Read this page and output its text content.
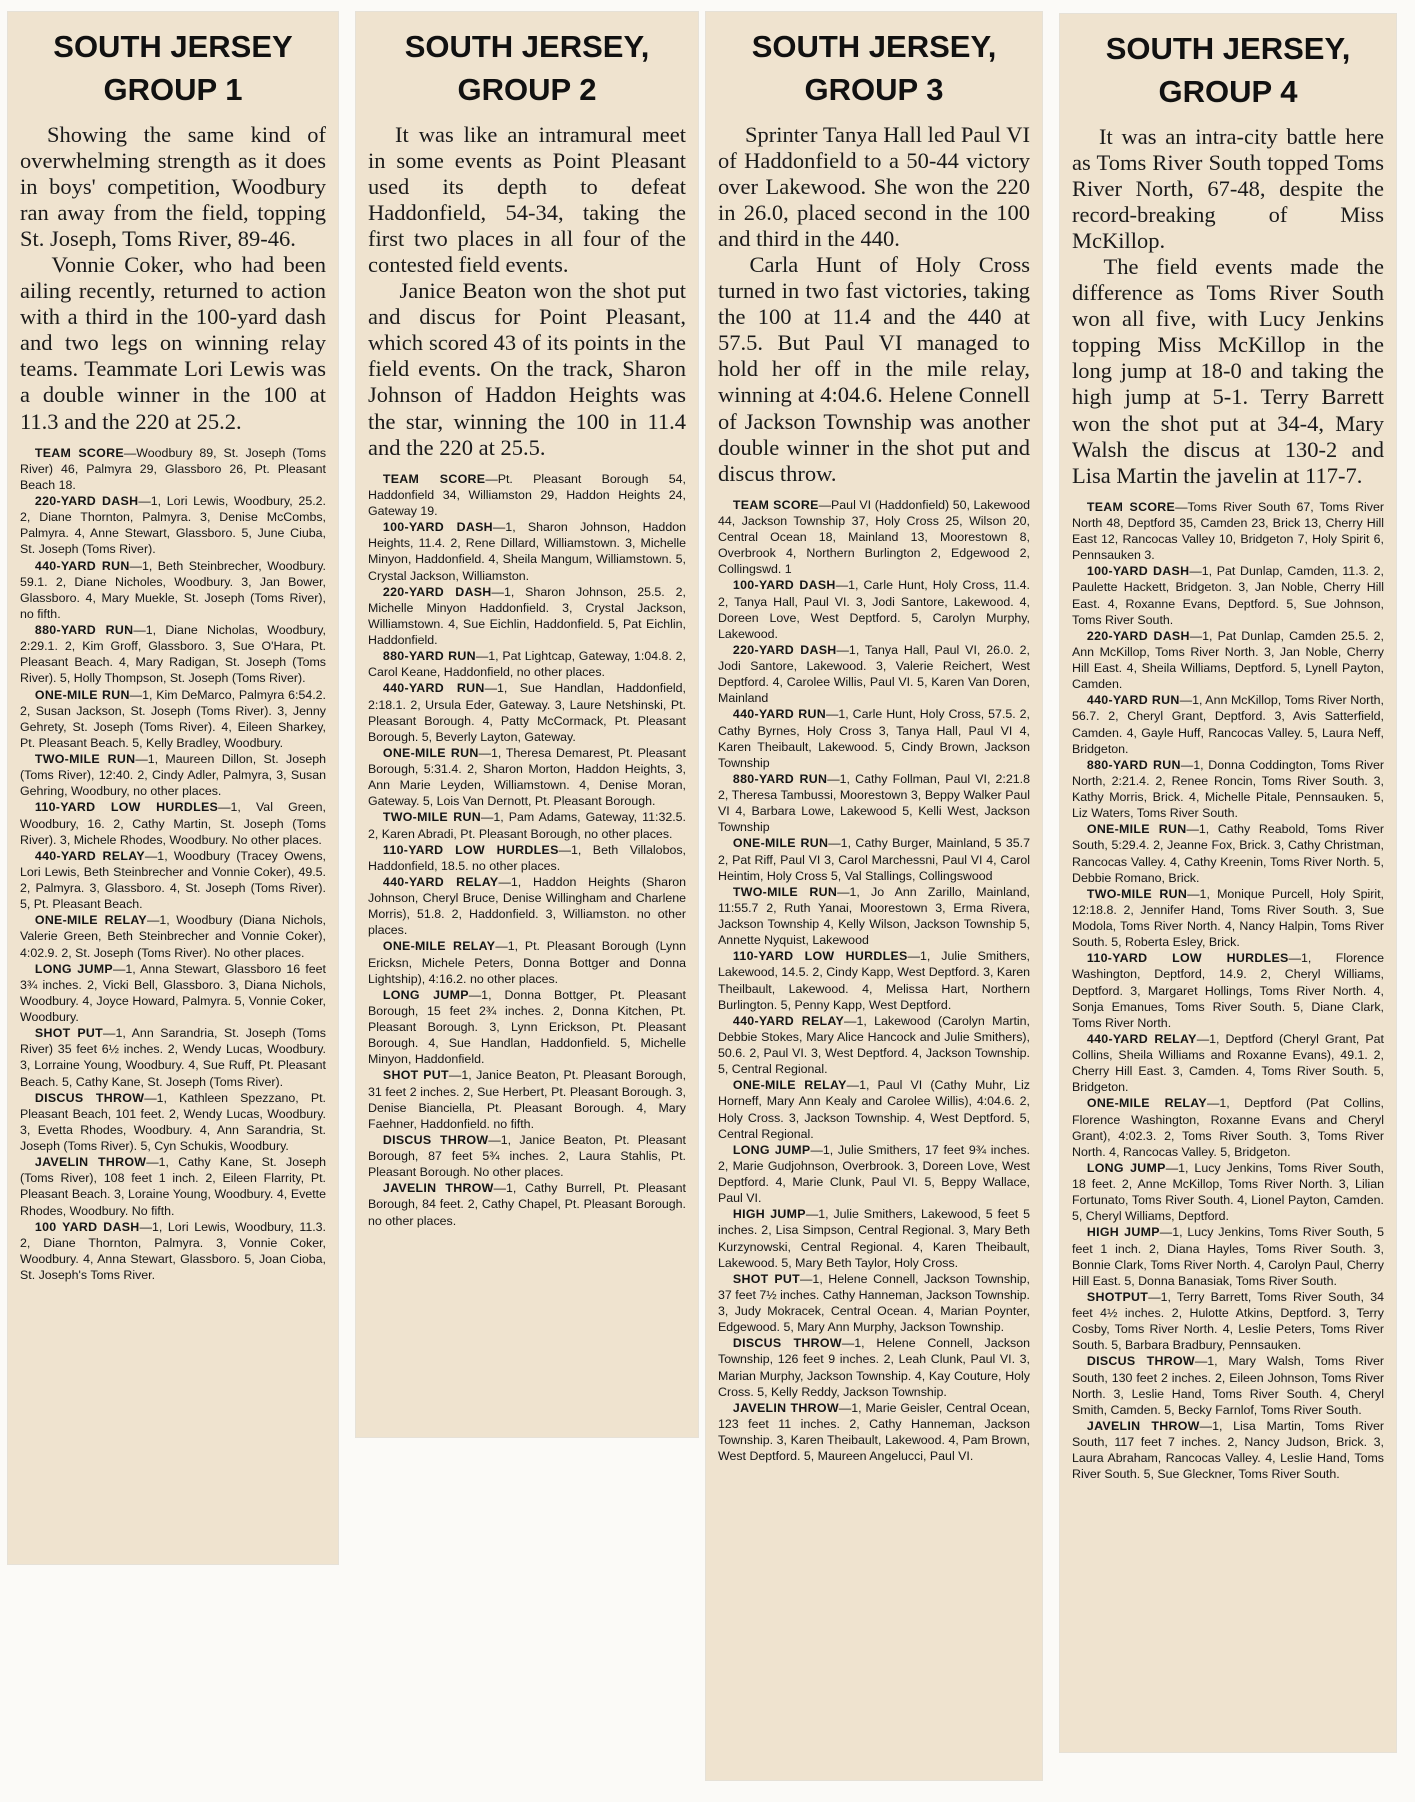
SOUTH JERSEY
GROUP 1

Showing the same kind of overwhelming strength as it does in boys' competition, Woodbury ran away from the field, topping St. Joseph, Toms River, 89-46.

Vonnie Coker, who had been ailing recently, returned to action with a third in the 100-yard dash and two legs on winning relay teams. Teammate Lori Lewis was a double winner in the 100 at 11.3 and the 220 at 25.2.

TEAM SCORE—Woodbury 89, St. Joseph (Toms River) 46, Palmyra 29, Glassboro 26, Pt. Pleasant Beach 18.

220-YARD DASH—1, Lori Lewis, Woodbury, 25.2. 2, Diane Thornton, Palmyra. 3, Denise McCombs, Palmyra. 4, Anne Stewart, Glassboro. 5, June Ciuba, St. Joseph (Toms River).

440-YARD RUN—1, Beth Steinbrecher, Woodbury. 59.1. 2, Diane Nicholes, Woodbury. 3, Jan Bower, Glassboro. 4, Mary Muekle, St. Joseph (Toms River), no fifth.

880-YARD RUN—1, Diane Nicholas, Woodbury, 2:29.1. 2, Kim Groff, Glassboro. 3, Sue O'Hara, Pt. Pleasant Beach. 4, Mary Radigan, St. Joseph (Toms River). 5, Holly Thompson, St. Joseph (Toms River).

ONE-MILE RUN—1, Kim DeMarco, Palmyra 6:54.2. 2, Susan Jackson, St. Joseph (Toms River). 3, Jenny Gehrety, St. Joseph (Toms River). 4, Eileen Sharkey, Pt. Pleasant Beach. 5, Kelly Bradley, Woodbury.

TWO-MILE RUN—1, Maureen Dillon, St. Joseph (Toms River), 12:40. 2, Cindy Adler, Palmyra, 3, Susan Gehring, Woodbury, no other places.

110-YARD LOW HURDLES—1, Val Green, Woodbury, 16. 2, Cathy Martin, St. Joseph (Toms River). 3, Michele Rhodes, Woodbury. No other places.

440-YARD RELAY—1, Woodbury (Tracey Owens, Lori Lewis, Beth Steinbrecher and Vonnie Coker), 49.5. 2, Palmyra. 3, Glassboro. 4, St. Joseph (Toms River). 5, Pt. Pleasant Beach.

ONE-MILE RELAY—1, Woodbury (Diana Nichols, Valerie Green, Beth Steinbrecher and Vonnie Coker), 4:02.9. 2, St. Joseph (Toms River). No other places.

LONG JUMP—1, Anna Stewart, Glassboro 16 feet 3¾ inches. 2, Vicki Bell, Glassboro. 3, Diana Nichols, Woodbury. 4, Joyce Howard, Palmyra. 5, Vonnie Coker, Woodbury.

SHOT PUT—1, Ann Sarandria, St. Joseph (Toms River) 35 feet 6½ inches. 2, Wendy Lucas, Woodbury. 3, Lorraine Young, Woodbury. 4, Sue Ruff, Pt. Pleasant Beach. 5, Cathy Kane, St. Joseph (Toms River).

DISCUS THROW—1, Kathleen Spezzano, Pt. Pleasant Beach, 101 feet. 2, Wendy Lucas, Woodbury. 3, Evetta Rhodes, Woodbury. 4, Ann Sarandria, St. Joseph (Toms River). 5, Cyn Schukis, Woodbury.

JAVELIN THROW—1, Cathy Kane, St. Joseph (Toms River), 108 feet 1 inch. 2, Eileen Flarrity, Pt. Pleasant Beach. 3, Loraine Young, Woodbury. 4, Evette Rhodes, Woodbury. No fifth.

100 YARD DASH—1, Lori Lewis, Woodbury, 11.3. 2, Diane Thornton, Palmyra. 3, Vonnie Coker, Woodbury. 4, Anna Stewart, Glassboro. 5, Joan Cioba, St. Joseph's Toms River.

SOUTH JERSEY,
GROUP 2

It was like an intramural meet in some events as Point Pleasant used its depth to defeat Haddonfield, 54-34, taking the first two places in all four of the contested field events.

Janice Beaton won the shot put and discus for Point Pleasant, which scored 43 of its points in the field events. On the track, Sharon Johnson of Haddon Heights was the star, winning the 100 in 11.4 and the 220 at 25.5.

TEAM SCORE—Pt. Pleasant Borough 54, Haddonfield 34, Williamston 29, Haddon Heights 24, Gateway 19.

100-YARD DASH—1, Sharon Johnson, Haddon Heights, 11.4. 2, Rene Dillard, Williamstown. 3, Michelle Minyon, Haddonfield. 4, Sheila Mangum, Williamstown. 5, Crystal Jackson, Williamston.

220-YARD DASH—1, Sharon Johnson, 25.5. 2, Michelle Minyon Haddonfield. 3, Crystal Jackson, Williamstown. 4, Sue Eichlin, Haddonfield. 5, Pat Eichlin, Haddonfield.

880-YARD RUN—1, Pat Lightcap, Gateway, 1:04.8. 2, Carol Keane, Haddonfield, no other places.

440-YARD RUN—1, Sue Handlan, Haddonfield, 2:18.1. 2, Ursula Eder, Gateway. 3, Laure Netshinski, Pt. Pleasant Borough. 4, Patty McCormack, Pt. Pleasant Borough. 5, Beverly Layton, Gateway.

ONE-MILE RUN—1, Theresa Demarest, Pt. Pleasant Borough, 5:31.4. 2, Sharon Morton, Haddon Heights, 3, Ann Marie Leyden, Williamstown. 4, Denise Moran, Gateway. 5, Lois Van Dernott, Pt. Pleasant Borough.

TWO-MILE RUN—1, Pam Adams, Gateway, 11:32.5. 2, Karen Abradi, Pt. Pleasant Borough, no other places.

110-YARD LOW HURDLES—1, Beth Villalobos, Haddonfield, 18.5. no other places.

440-YARD RELAY—1, Haddon Heights (Sharon Johnson, Cheryl Bruce, Denise Willingham and Charlene Morris), 51.8. 2, Haddonfield. 3, Williamston. no other places.

ONE-MILE RELAY—1, Pt. Pleasant Borough (Lynn Ericksn, Michele Peters, Donna Bottger and Donna Lightship), 4:16.2. no other places.

LONG JUMP—1, Donna Bottger, Pt. Pleasant Borough, 15 feet 2¾ inches. 2, Donna Kitchen, Pt. Pleasant Borough. 3, Lynn Erickson, Pt. Pleasant Borough. 4, Sue Handlan, Haddonfield. 5, Michelle Minyon, Haddonfield.

SHOT PUT—1, Janice Beaton, Pt. Pleasant Borough, 31 feet 2 inches. 2, Sue Herbert, Pt. Pleasant Borough. 3, Denise Bianciella, Pt. Pleasant Borough. 4, Mary Faehner, Haddonfield. no fifth.

DISCUS THROW—1, Janice Beaton, Pt. Pleasant Borough, 87 feet 5¾ inches. 2, Laura Stahlis, Pt. Pleasant Borough. No other places.

JAVELIN THROW—1, Cathy Burrell, Pt. Pleasant Borough, 84 feet. 2, Cathy Chapel, Pt. Pleasant Borough. no other places.

SOUTH JERSEY,
GROUP 3

Sprinter Tanya Hall led Paul VI of Haddonfield to a 50-44 victory over Lakewood. She won the 220 in 26.0, placed second in the 100 and third in the 440.

Carla Hunt of Holy Cross turned in two fast victories, taking the 100 at 11.4 and the 440 at 57.5. But Paul VI managed to hold her off in the mile relay, winning at 4:04.6. Helene Connell of Jackson Township was another double winner in the shot put and discus throw.

TEAM SCORE—Paul VI (Haddonfield) 50, Lakewood 44, Jackson Township 37, Holy Cross 25, Wilson 20, Central Ocean 18, Mainland 13, Moorestown 8, Overbrook 4, Northern Burlington 2, Edgewood 2, Collingswd. 1

100-YARD DASH—1, Carle Hunt, Holy Cross, 11.4. 2, Tanya Hall, Paul VI. 3, Jodi Santore, Lakewood. 4, Doreen Love, West Deptford. 5, Carolyn Murphy, Lakewood.

220-YARD DASH—1, Tanya Hall, Paul VI, 26.0. 2, Jodi Santore, Lakewood. 3, Valerie Reichert, West Deptford. 4, Carolee Willis, Paul VI. 5, Karen Van Doren, Mainland

440-YARD RUN—1, Carle Hunt, Holy Cross, 57.5. 2, Cathy Byrnes, Holy Cross 3, Tanya Hall, Paul VI 4, Karen Theibault, Lakewood. 5, Cindy Brown, Jackson Township

880-YARD RUN—1, Cathy Follman, Paul VI, 2:21.8 2, Theresa Tambussi, Moorestown 3, Beppy Walker Paul VI 4, Barbara Lowe, Lakewood 5, Kelli West, Jackson Township

ONE-MILE RUN—1, Cathy Burger, Mainland, 5 35.7 2, Pat Riff, Paul VI 3, Carol Marchessni, Paul VI 4, Carol Heintim, Holy Cross 5, Val Stallings, Collingswood

TWO-MILE RUN—1, Jo Ann Zarillo, Mainland, 11:55.7 2, Ruth Yanai, Moorestown 3, Erma Rivera, Jackson Township 4, Kelly Wilson, Jackson Township 5, Annette Nyquist, Lakewood

110-YARD LOW HURDLES—1, Julie Smithers, Lakewood, 14.5. 2, Cindy Kapp, West Deptford. 3, Karen Theilbault, Lakewood. 4, Melissa Hart, Northern Burlington. 5, Penny Kapp, West Deptford.

440-YARD RELAY—1, Lakewood (Carolyn Martin, Debbie Stokes, Mary Alice Hancock and Julie Smithers), 50.6. 2, Paul VI. 3, West Deptford. 4, Jackson Township. 5, Central Regional.

ONE-MILE RELAY—1, Paul VI (Cathy Muhr, Liz Horneff, Mary Ann Kealy and Carolee Willis), 4:04.6. 2, Holy Cross. 3, Jackson Township. 4, West Deptford. 5, Central Regional.

LONG JUMP—1, Julie Smithers, 17 feet 9¾ inches. 2, Marie Gudjohnson, Overbrook. 3, Doreen Love, West Deptford. 4, Marie Clunk, Paul VI. 5, Beppy Wallace, Paul VI.

HIGH JUMP—1, Julie Smithers, Lakewood, 5 feet 5 inches. 2, Lisa Simpson, Central Regional. 3, Mary Beth Kurzynowski, Central Regional. 4, Karen Theibault, Lakewood. 5, Mary Beth Taylor, Holy Cross.

SHOT PUT—1, Helene Connell, Jackson Township, 37 feet 7½ inches. Cathy Hanneman, Jackson Township. 3, Judy Mokracek, Central Ocean. 4, Marian Poynter, Edgewood. 5, Mary Ann Murphy, Jackson Township.

DISCUS THROW—1, Helene Connell, Jackson Township, 126 feet 9 inches. 2, Leah Clunk, Paul VI. 3, Marian Murphy, Jackson Township. 4, Kay Couture, Holy Cross. 5, Kelly Reddy, Jackson Township.

JAVELIN THROW—1, Marie Geisler, Central Ocean, 123 feet 11 inches. 2, Cathy Hanneman, Jackson Township. 3, Karen Theibault, Lakewood. 4, Pam Brown, West Deptford. 5, Maureen Angelucci, Paul VI.

SOUTH JERSEY,
GROUP 4

It was an intra-city battle here as Toms River South topped Toms River North, 67-48, despite the record-breaking of Miss McKillop.

The field events made the difference as Toms River South won all five, with Lucy Jenkins topping Miss McKillop in the long jump at 18-0 and taking the high jump at 5-1. Terry Barrett won the shot put at 34-4, Mary Walsh the discus at 130-2 and Lisa Martin the javelin at 117-7.

TEAM SCORE—Toms River South 67, Toms River North 48, Deptford 35, Camden 23, Brick 13, Cherry Hill East 12, Rancocas Valley 10, Bridgeton 7, Holy Spirit 6, Pennsauken 3.

100-YARD DASH—1, Pat Dunlap, Camden, 11.3. 2, Paulette Hackett, Bridgeton. 3, Jan Noble, Cherry Hill East. 4, Roxanne Evans, Deptford. 5, Sue Johnson, Toms River South.

220-YARD DASH—1, Pat Dunlap, Camden 25.5. 2, Ann McKillop, Toms River North. 3, Jan Noble, Cherry Hill East. 4, Sheila Williams, Deptford. 5, Lynell Payton, Camden.

440-YARD RUN—1, Ann McKillop, Toms River North, 56.7. 2, Cheryl Grant, Deptford. 3, Avis Satterfield, Camden. 4, Gayle Huff, Rancocas Valley. 5, Laura Neff, Bridgeton.

880-YARD RUN—1, Donna Coddington, Toms River North, 2:21.4. 2, Renee Roncin, Toms River South. 3, Kathy Morris, Brick. 4, Michelle Pitale, Pennsauken. 5, Liz Waters, Toms River South.

ONE-MILE RUN—1, Cathy Reabold, Toms River South, 5:29.4. 2, Jeanne Fox, Brick. 3, Cathy Christman, Rancocas Valley. 4, Cathy Kreenin, Toms River North. 5, Debbie Romano, Brick.

TWO-MILE RUN—1, Monique Purcell, Holy Spirit, 12:18.8. 2, Jennifer Hand, Toms River South. 3, Sue Modola, Toms River North. 4, Nancy Halpin, Toms River South. 5, Roberta Esley, Brick.

110-YARD LOW HURDLES—1, Florence Washington, Deptford, 14.9. 2, Cheryl Williams, Deptford. 3, Margaret Hollings, Toms River North. 4, Sonja Emanues, Toms River South. 5, Diane Clark, Toms River North.

440-YARD RELAY—1, Deptford (Cheryl Grant, Pat Collins, Sheila Williams and Roxanne Evans), 49.1. 2, Cherry Hill East. 3, Camden. 4, Toms River South. 5, Bridgeton.

ONE-MILE RELAY—1, Deptford (Pat Collins, Florence Washington, Roxanne Evans and Cheryl Grant), 4:02.3. 2, Toms River South. 3, Toms River North. 4, Rancocas Valley. 5, Bridgeton.

LONG JUMP—1, Lucy Jenkins, Toms River South, 18 feet. 2, Anne McKillop, Toms River North. 3, Lilian Fortunato, Toms River South. 4, Lionel Payton, Camden. 5, Cheryl Williams, Deptford.

HIGH JUMP—1, Lucy Jenkins, Toms River South, 5 feet 1 inch. 2, Diana Hayles, Toms River South. 3, Bonnie Clark, Toms River North. 4, Carolyn Paul, Cherry Hill East. 5, Donna Banasiak, Toms River South.

SHOTPUT—1, Terry Barrett, Toms River South, 34 feet 4½ inches. 2, Hulotte Atkins, Deptford. 3, Terry Cosby, Toms River North. 4, Leslie Peters, Toms River South. 5, Barbara Bradbury, Pennsauken.

DISCUS THROW—1, Mary Walsh, Toms River South, 130 feet 2 inches. 2, Eileen Johnson, Toms River North. 3, Leslie Hand, Toms River South. 4, Cheryl Smith, Camden. 5, Becky Farnlof, Toms River South.

JAVELIN THROW—1, Lisa Martin, Toms River South, 117 feet 7 inches. 2, Nancy Judson, Brick. 3, Laura Abraham, Rancocas Valley. 4, Leslie Hand, Toms River South. 5, Sue Gleckner, Toms River South.
